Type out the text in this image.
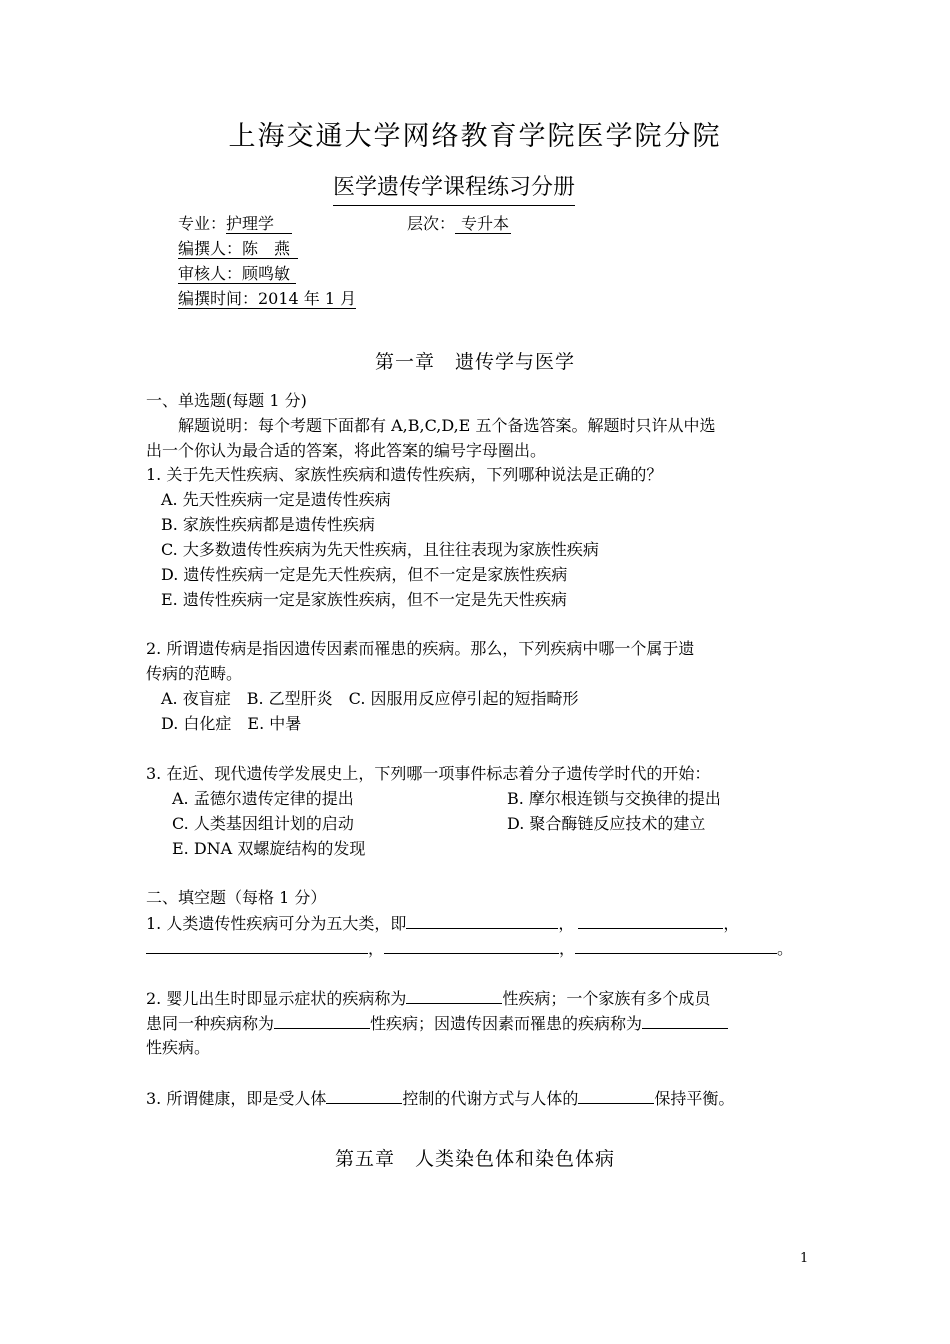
上海交通大学网络教育学院医学院分院
医学遗传学课程练习分册
专业：护理学	层次： 专升本
编撰人：陈　燕
审核人：顾鸣敏
编撰时间：2014 年 1 月
第一章　遗传学与医学
一、单选题(每题 1 分)
解题说明：每个考题下面都有 A,B,C,D,E 五个备选答案。解题时只许从中选
出一个你认为最合适的答案，将此答案的编号字母圈出。
1. 关于先天性疾病、家族性疾病和遗传性疾病，下列哪种说法是正确的？
A. 先天性疾病一定是遗传性疾病
B. 家族性疾病都是遗传性疾病
C. 大多数遗传性疾病为先天性疾病，且往往表现为家族性疾病
D. 遗传性疾病一定是先天性疾病，但不一定是家族性疾病
E. 遗传性疾病一定是家族性疾病，但不一定是先天性疾病
2. 所谓遗传病是指因遗传因素而罹患的疾病。那么，下列疾病中哪一个属于遗
传病的范畴。
A. 夜盲症　B. 乙型肝炎　C. 因服用反应停引起的短指畸形
D. 白化症　E. 中暑
3. 在近、现代遗传学发展史上，下列哪一项事件标志着分子遗传学时代的开始：
A. 孟德尔遗传定律的提出	B. 摩尔根连锁与交换律的提出
C. 人类基因组计划的启动	D. 聚合酶链反应技术的建立
E. DNA 双螺旋结构的发现
二、填空题（每格 1 分）
1. 人类遗传性疾病可分为五大类，即	，	，
，	，	。
2. 婴儿出生时即显示症状的疾病称为	性疾病；一个家族有多个成员
患同一种疾病称为	性疾病；因遗传因素而罹患的疾病称为
性疾病。
3. 所谓健康，即是受人体	控制的代谢方式与人体的	保持平衡。
第五章　人类染色体和染色体病
1
